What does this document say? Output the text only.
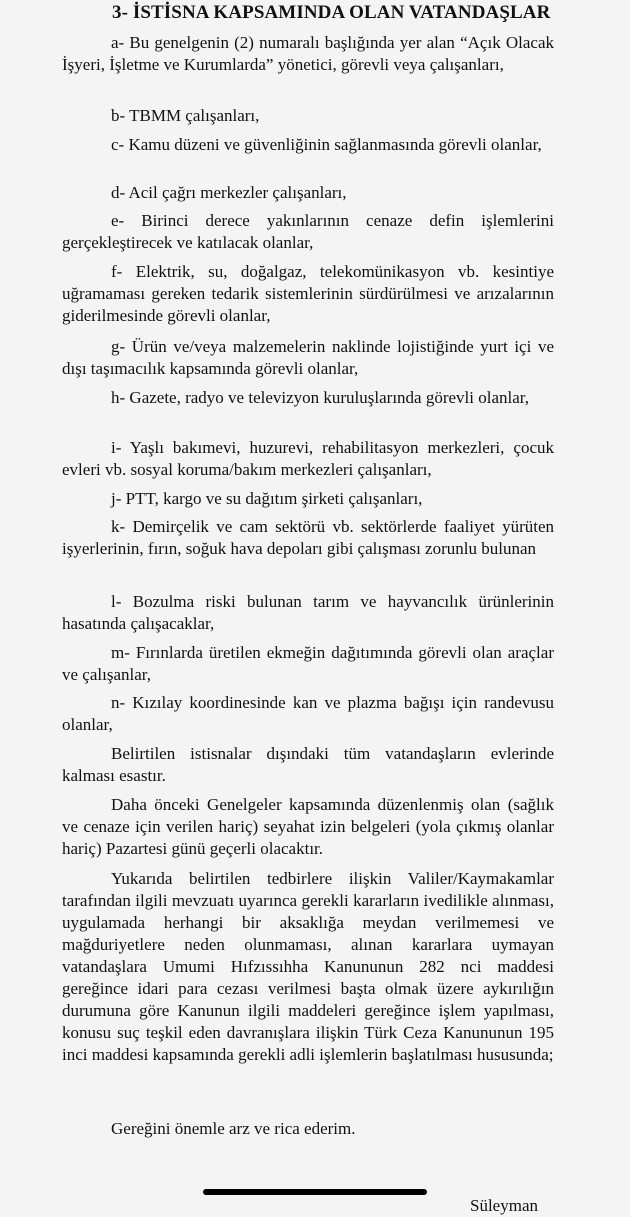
3- İSTİSNA KAPSAMINDA OLAN VATANDAŞLAR
a- Bu genelgenin (2) numaralı başlığında yer alan “Açık Olacak İşyeri, İşletme ve Kurumlarda” yönetici, görevli veya çalışanları,
b- TBMM çalışanları,
c- Kamu düzeni ve güvenliğinin sağlanmasında görevli olanlar,
d- Acil çağrı merkezler çalışanları,
e- Birinci derece yakınlarının cenaze defin işlemlerini gerçekleştirecek ve katılacak olanlar,
f- Elektrik, su, doğalgaz, telekomünikasyon vb. kesintiye uğramaması gereken tedarik sistemlerinin sürdürülmesi ve arızalarının giderilmesinde görevli olanlar,
g- Ürün ve/veya malzemelerin naklinde lojistiğinde yurt içi ve dışı taşımacılık kapsamında görevli olanlar,
h- Gazete, radyo ve televizyon kuruluşlarında görevli olanlar,
i- Yaşlı bakımevi, huzurevi, rehabilitasyon merkezleri, çocuk evleri vb. sosyal koruma/bakım merkezleri çalışanları,
j- PTT, kargo ve su dağıtım şirketi çalışanları,
k- Demirçelik ve cam sektörü vb. sektörlerde faaliyet yürüten işyerlerinin, fırın, soğuk hava depoları gibi çalışması zorunlu bulunan
l- Bozulma riski bulunan tarım ve hayvancılık ürünlerinin hasatında çalışacaklar,
m- Fırınlarda üretilen ekmeğin dağıtımında görevli olan araçlar ve çalışanlar,
n- Kızılay koordinesinde kan ve plazma bağışı için randevusu olanlar,
Belirtilen istisnalar dışındaki tüm vatandaşların evlerinde kalması esastır.
Daha önceki Genelgeler kapsamında düzenlenmiş olan (sağlık ve cenaze için verilen hariç) seyahat izin belgeleri (yola çıkmış olanlar hariç) Pazartesi günü geçerli olacaktır.
Yukarıda belirtilen tedbirlere ilişkin Valiler/Kaymakamlar tarafından ilgili mevzuatı uyarınca gerekli kararların ivedilikle alınması, uygulamada herhangi bir aksaklığa meydan verilmemesi ve mağduriyetlere neden olunmaması, alınan kararlara uymayan vatandaşlara Umumi Hıfzıssıhha Kanununun 282 nci maddesi gereğince idari para cezası verilmesi başta olmak üzere aykırılığın durumuna göre Kanunun ilgili maddeleri gereğince işlem yapılması, konusu suç teşkil eden davranışlara ilişkin Türk Ceza Kanununun 195 inci maddesi kapsamında gerekli adli işlemlerin başlatılması hususunda;
Gereğini önemle arz ve rica ederim.
Süleyman
